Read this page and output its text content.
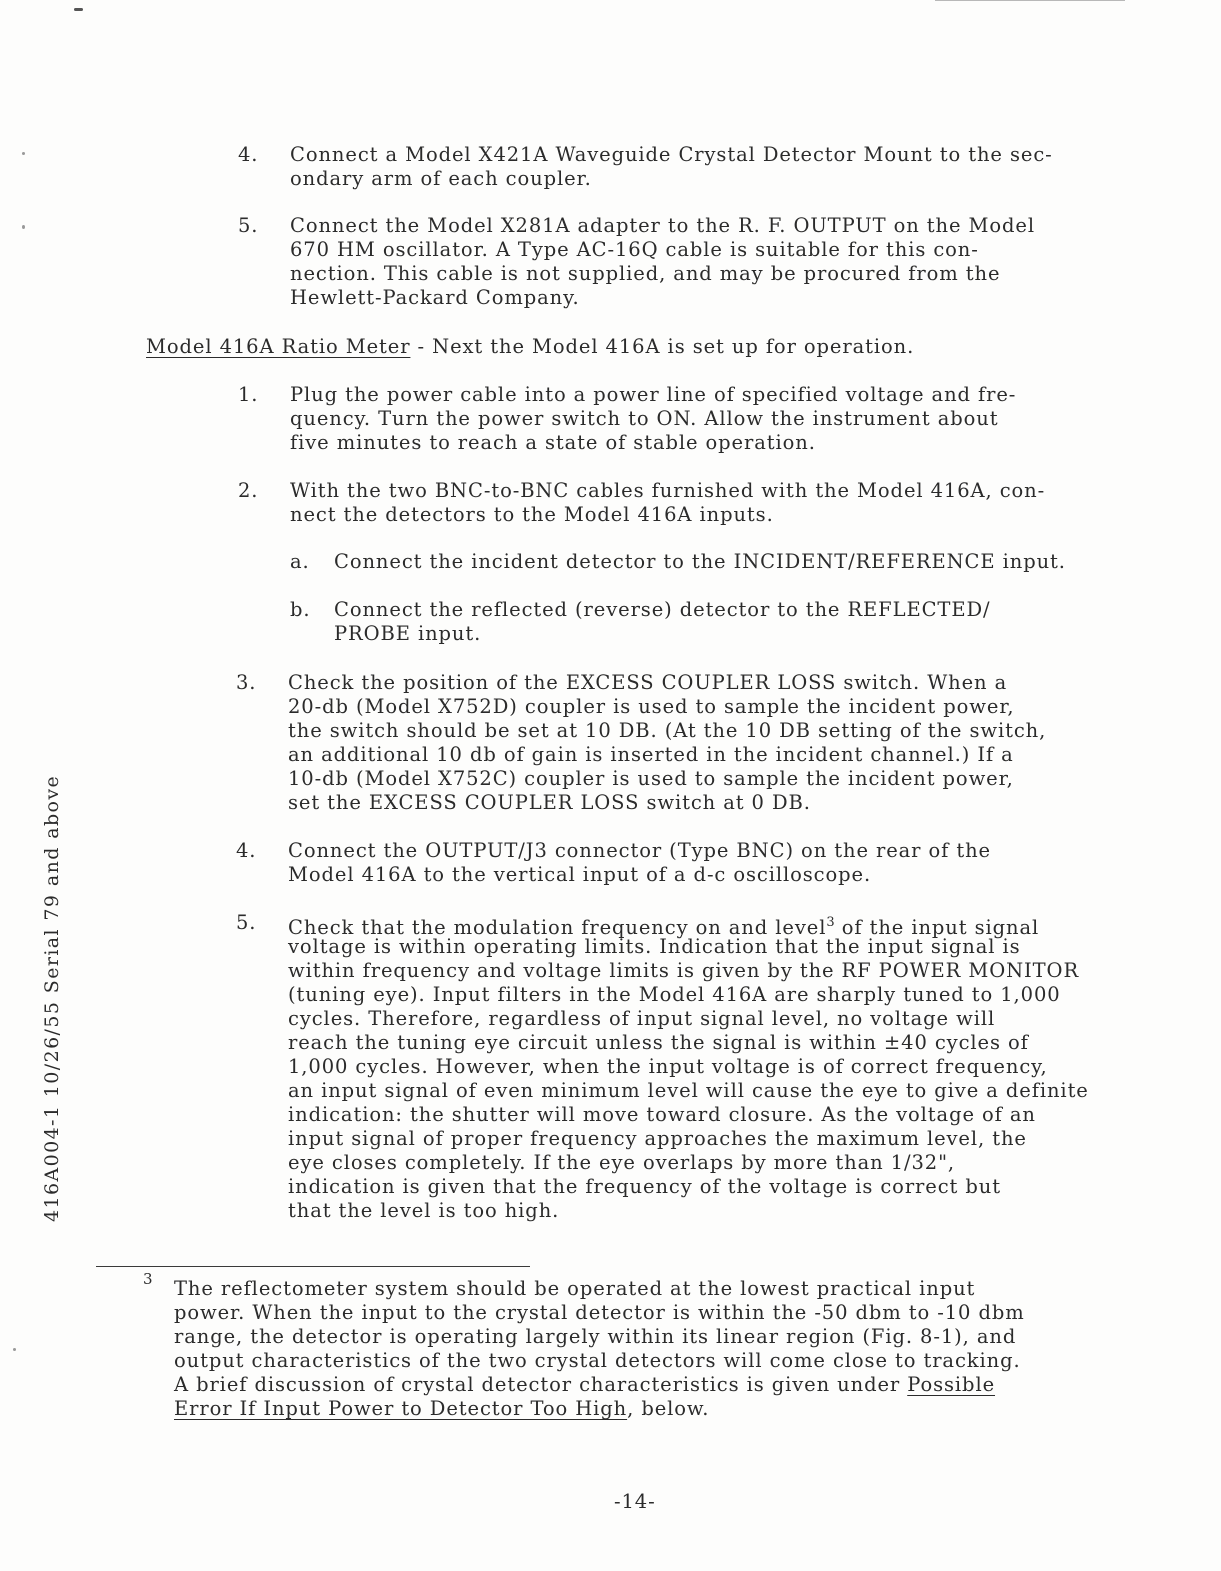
416A004-1 10/26/55 Serial 79 and above
4. Connect a Model X421A Waveguide Crystal Detector Mount to the sec-
ondary arm of each coupler.
5. Connect the Model X281A adapter to the R. F. OUTPUT on the Model
670 HM oscillator. A Type AC-16Q cable is suitable for this con-
nection. This cable is not supplied, and may be procured from the
Hewlett-Packard Company.
Model 416A Ratio Meter - Next the Model 416A is set up for operation.
1. Plug the power cable into a power line of specified voltage and fre-
quency. Turn the power switch to ON. Allow the instrument about
five minutes to reach a state of stable operation.
2. With the two BNC-to-BNC cables furnished with the Model 416A, con-
nect the detectors to the Model 416A inputs.
a. Connect the incident detector to the INCIDENT/REFERENCE input.
b. Connect the reflected (reverse) detector to the REFLECTED/
PROBE input.
3. Check the position of the EXCESS COUPLER LOSS switch. When a
20-db (Model X752D) coupler is used to sample the incident power,
the switch should be set at 10 DB. (At the 10 DB setting of the switch,
an additional 10 db of gain is inserted in the incident channel.) If a
10-db (Model X752C) coupler is used to sample the incident power,
set the EXCESS COUPLER LOSS switch at 0 DB.
4. Connect the OUTPUT/J3 connector (Type BNC) on the rear of the
Model 416A to the vertical input of a d-c oscilloscope.
5. Check that the modulation frequency on and level$^3$ of the input signal
voltage is within operating limits. Indication that the input signal is
within frequency and voltage limits is given by the RF POWER MONITOR
(tuning eye). Input filters in the Model 416A are sharply tuned to 1,000
cycles. Therefore, regardless of input signal level, no voltage will
reach the tuning eye circuit unless the signal is within ±40 cycles of
1,000 cycles. However, when the input voltage is of correct frequency,
an input signal of even minimum level will cause the eye to give a definite
indication: the shutter will move toward closure. As the voltage of an
input signal of proper frequency approaches the maximum level, the
eye closes completely. If the eye overlaps by more than 1/32",
indication is given that the frequency of the voltage is correct but
that the level is too high.
3 The reflectometer system should be operated at the lowest practical input
power. When the input to the crystal detector is within the -50 dbm to -10 dbm
range, the detector is operating largely within its linear region (Fig. 8-1), and
output characteristics of the two crystal detectors will come close to tracking.
A brief discussion of crystal detector characteristics is given under Possible
Error If Input Power to Detector Too High, below.
-14-
